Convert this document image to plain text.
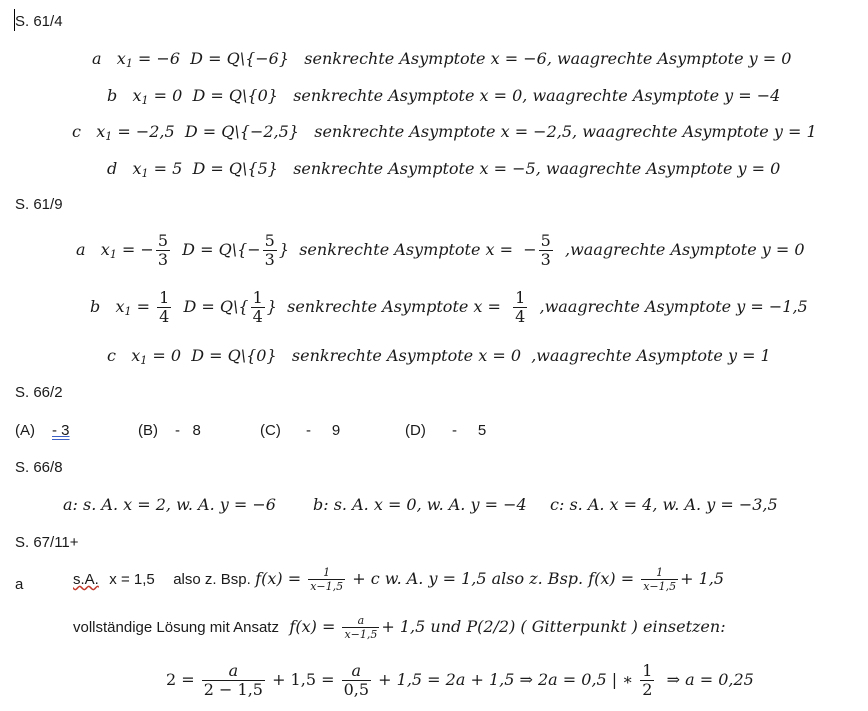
S. 61/4
a   $x_1 = -6$  D = Q\{−6} senkrechte Asymptote x = −6, waagrechte Asymptote y = 0
b   $x_1 = 0$  D = Q\{0} senkrechte Asymptote x = 0, waagrechte Asymptote y = −4
c   $x_1 = -2,5$  D = Q\{−2,5} senkrechte Asymptote x = −2,5, waagrechte Asymptote y = 1
d   $x_1 = 5$  D = Q\{5} senkrechte Asymptote x = −5, waagrechte Asymptote y = 0
S. 61/9
a   $x_1$ = − $\frac{5}{3}$ D = Q\{− $\frac{5}{3}$ }  senkrechte Asymptote x =  − $\frac{5}{3}$ ,waagrechte Asymptote y = 0
b   $x_1 = \frac{1}{4}$ D = Q\{ $\frac{1}{4}$ }  senkrechte Asymptote $x = \frac{1}{4}$ ,waagrechte Asymptote y = −1,5
c   $x_1 = 0$  D = Q\{0} senkrechte Asymptote x = 0  ,waagrechte Asymptote y = 1
S. 66/2
(A) - 3	(B) -   8	(C) -     9	(D) -     5
S. 66/8
a: s. A. x = 2, w. A. y = −6 b: s. A. x = 0, w. A. y = −4 c: s. A. x = 4, w. A. y = −3,5
S. 67/11+
a	s.A. x = 1,5 also z. Bsp. $f(x) = \frac{1}{x-1,5} + c$ w. A. y = 1,5 also z. Bsp. $f(x) = \frac{1}{x-1,5} + 1,5$
vollständige Lösung mit Ansatz $f(x) = \frac{a}{x-1,5} + 1,5$ und P(2/2) ( Gitterpunkt ) einsetzen:
$2 = \frac{a}{2 - 1,5} + 1,5 = \frac{a}{0,5} + 1,5 = 2a + 1,5$ ⇒ 2a = 0,5 | ∗ $\frac{1}{2}$ ⇒ a = 0,25
